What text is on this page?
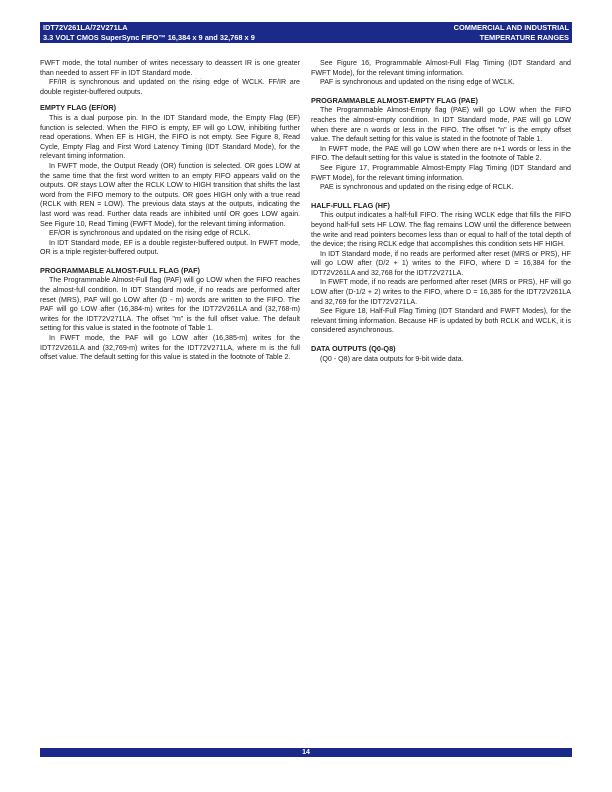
IDT72V261LA/72V271LA
3.3 VOLT CMOS SuperSync FIFO™ 16,384 x 9 and 32,768 x 9
COMMERCIAL AND INDUSTRIAL
TEMPERATURE RANGES

FWFT mode, the total number of writes necessary to deassert IR is one greater than needed to assert FF in IDT Standard mode.

FF/IR is synchronous and updated on the rising edge of WCLK. FF/IR are double register-buffered outputs.

EMPTY FLAG (EF/OR)

This is a dual purpose pin. In the IDT Standard mode, the Empty Flag (EF) function is selected. When the FIFO is empty, EF will go LOW, inhibiting further read operations. When EF is HIGH, the FIFO is not empty. See Figure 8, Read Cycle, Empty Flag and First Word Latency Timing (IDT Standard Mode), for the relevant timing information.

In FWFT mode, the Output Ready (OR) function is selected. OR goes LOW at the same time that the first word written to an empty FIFO appears valid on the outputs. OR stays LOW after the RCLK LOW to HIGH transition that shifts the last word from the FIFO memory to the outputs. OR goes HIGH only with a true read (RCLK with REN = LOW). The previous data stays at the outputs, indicating the last word was read. Further data reads are inhibited until OR goes LOW again. See Figure 10, Read Timing (FWFT Mode), for the relevant timing information.

EF/OR is synchronous and updated on the rising edge of RCLK.

In IDT Standard mode, EF is a double register-buffered output. In FWFT mode, OR is a triple register-buffered output.

PROGRAMMABLE ALMOST-FULL FLAG (PAF)

The Programmable Almost-Full flag (PAF) will go LOW when the FIFO reaches the almost-full condition. In IDT Standard mode, if no reads are performed after reset (MRS), PAF will go LOW after (D - m) words are written to the FIFO. The PAF will go LOW after (16,384-m) writes for the IDT72V261LA and (32,768-m) writes for the IDT72V271LA. The offset "m" is the full offset value. The default setting for this value is stated in the footnote of Table 1.

In FWFT mode, the PAF will go LOW after (16,385-m) writes for the IDT72V261LA and (32,769-m) writes for the IDT72V271LA, where m is the full offset value. The default setting for this value is stated in the footnote of Table 2.

See Figure 16, Programmable Almost-Full Flag Timing (IDT Standard and FWFT Mode), for the relevant timing information.

PAF is synchronous and updated on the rising edge of WCLK.

PROGRAMMABLE ALMOST-EMPTY FLAG (PAE)

The Programmable Almost-Empty flag (PAE) will go LOW when the FIFO reaches the almost-empty condition. In IDT Standard mode, PAE will go LOW when there are n words or less in the FIFO. The offset "n" is the empty offset value. The default setting for this value is stated in the footnote of Table 1.

In FWFT mode, the PAE will go LOW when there are n+1 words or less in the FIFO. The default setting for this value is stated in the footnote of Table 2.

See Figure 17, Programmable Almost-Empty Flag Timing (IDT Standard and FWFT Mode), for the relevant timing information.

PAE is synchronous and updated on the rising edge of RCLK.

HALF-FULL FLAG (HF)

This output indicates a half-full FIFO. The rising WCLK edge that fills the FIFO beyond half-full sets HF LOW. The flag remains LOW until the difference between the write and read pointers becomes less than or equal to half of the total depth of the device; the rising RCLK edge that accomplishes this condition sets HF HIGH.

In IDT Standard mode, if no reads are performed after reset (MRS or PRS), HF will go LOW after (D/2 + 1) writes to the FIFO, where D = 16,384 for the IDT72V261LA and 32,768 for the IDT72V271LA.

In FWFT mode, if no reads are performed after reset (MRS or PRS), HF will go LOW after (D-1/2 + 2) writes to the FIFO, where D = 16,385 for the IDT72V261LA and 32,769 for the IDT72V271LA.

See Figure 18, Half-Full Flag Timing (IDT Standard and FWFT Modes), for the relevant timing information. Because HF is updated by both RCLK and WCLK, it is considered asynchronous.

DATA OUTPUTS (Q0-Q8)

(Q0 - Q8) are data outputs for 9-bit wide data.

14
